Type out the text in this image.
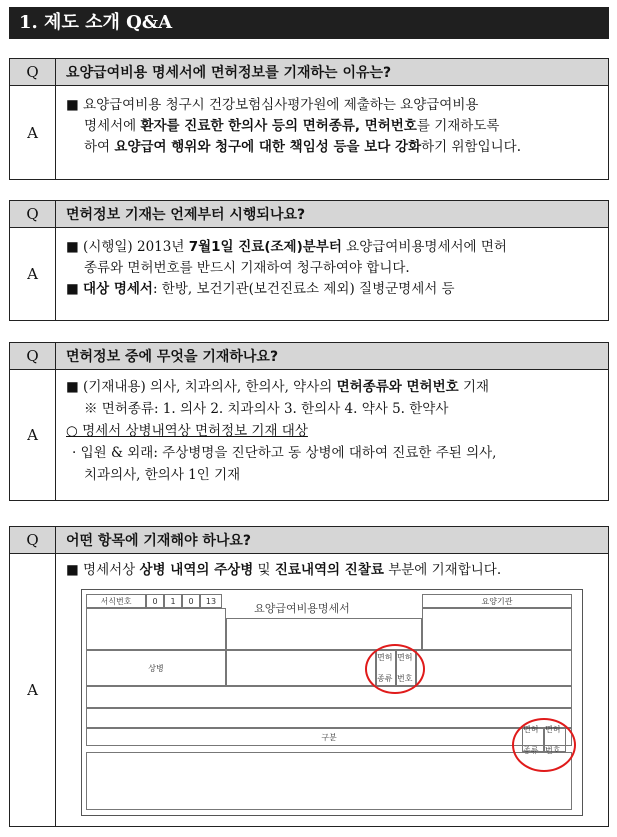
1. 제도 소개 Q&A
Q	요양급여비용 명세서에 면허정보를 기재하는 이유는?
A
■ 요양급여비용 청구시 건강보험심사평가원에 제출하는 요양급여비용
명세서에 환자를 진료한 한의사 등의 면허종류, 면허번호를 기재하도록
하여 요양급여 행위와 청구에 대한 책임성 등을 보다 강화하기 위함입니다.
Q	면허정보 기재는 언제부터 시행되나요?
A
■ (시행일) 2013년 7월1일 진료(조제)분부터 요양급여비용명세서에 면허
종류와 면허번호를 반드시 기재하여 청구하여야 합니다.
■ 대상 명세서: 한방, 보건기관(보건진료소 제외) 질병군명세서 등
Q	면허정보 중에 무엇을 기재하나요?
A
■ (기재내용) 의사, 치과의사, 한의사, 약사의 면허종류와 면허번호 기재
※ 면허종류: 1. 의사 2. 치과의사 3. 한의사 4. 약사 5. 한약사
○ 명세서 상병내역상 면허정보 기재 대상
· 입원 & 외래: 주상병명을 진단하고 동 상병에 대하여 진료한 주된 의사,
치과의사, 한의사 1인 기재
Q	어떤 항목에 기재해야 하나요?
A
■ 명세서상 상병 내역의 주상병 및 진료내역의 진찰료 부분에 기재합니다.
서식번호	0	1	0	13
요양급여비용명세서
요양기관
상병
면허종류
면허번호
구분
면허종류
면허번호
